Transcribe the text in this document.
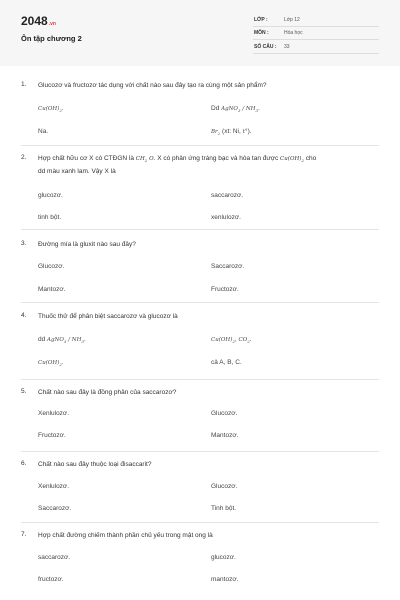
2048.vn
Ôn tập chương 2
LỚP :	Lớp 12
MÔN :	Hóa học
SỐ CÂU : 33
1. Glucozơ và fructozơ tác dụng với chất nào sau đây tạo ra cùng một sản phẩm?
$Cu(OH)_2$.	Dd AgNO$_3$ / $NH_3$.
Na.	$Br_2$ (xt: Ni, t°).
2. Hợp chất hữu cơ X có CTĐGN là $CH_2$ O. X có phản ứng tráng bạc và hòa tan được $Cu(OH)_2$ cho
dd màu xanh lam. Vậy X là
glucozơ.	saccarozơ.
tinh bột.	xenlulozơ.
3. Đường mía là gluxit nào sau đây?
Glucozơ.	Saccarozơ.
Mantozơ.	Fructozơ.
4. Thuốc thử để phân biệt saccarozơ và glucozơ là
dd AgNO$_3$ / $NH_3$.	$Cu(OH)_2$, $CO_2$.
$Cu(OH)_2$.	cả A, B, C.
5. Chất nào sau đây là đồng phân của saccarozơ?
Xenlulozơ.	Glucozơ.
Fructozơ.	Mantozơ.
6. Chất nào sau đây thuộc loại đisaccarit?
Xenlulozơ.	Glucozơ.
Saccarozơ.	Tinh bột.
7. Hợp chất đường chiếm thành phần chủ yếu trong mật ong là
saccarozơ.	glucozơ.
fructozơ.	mantozơ.
